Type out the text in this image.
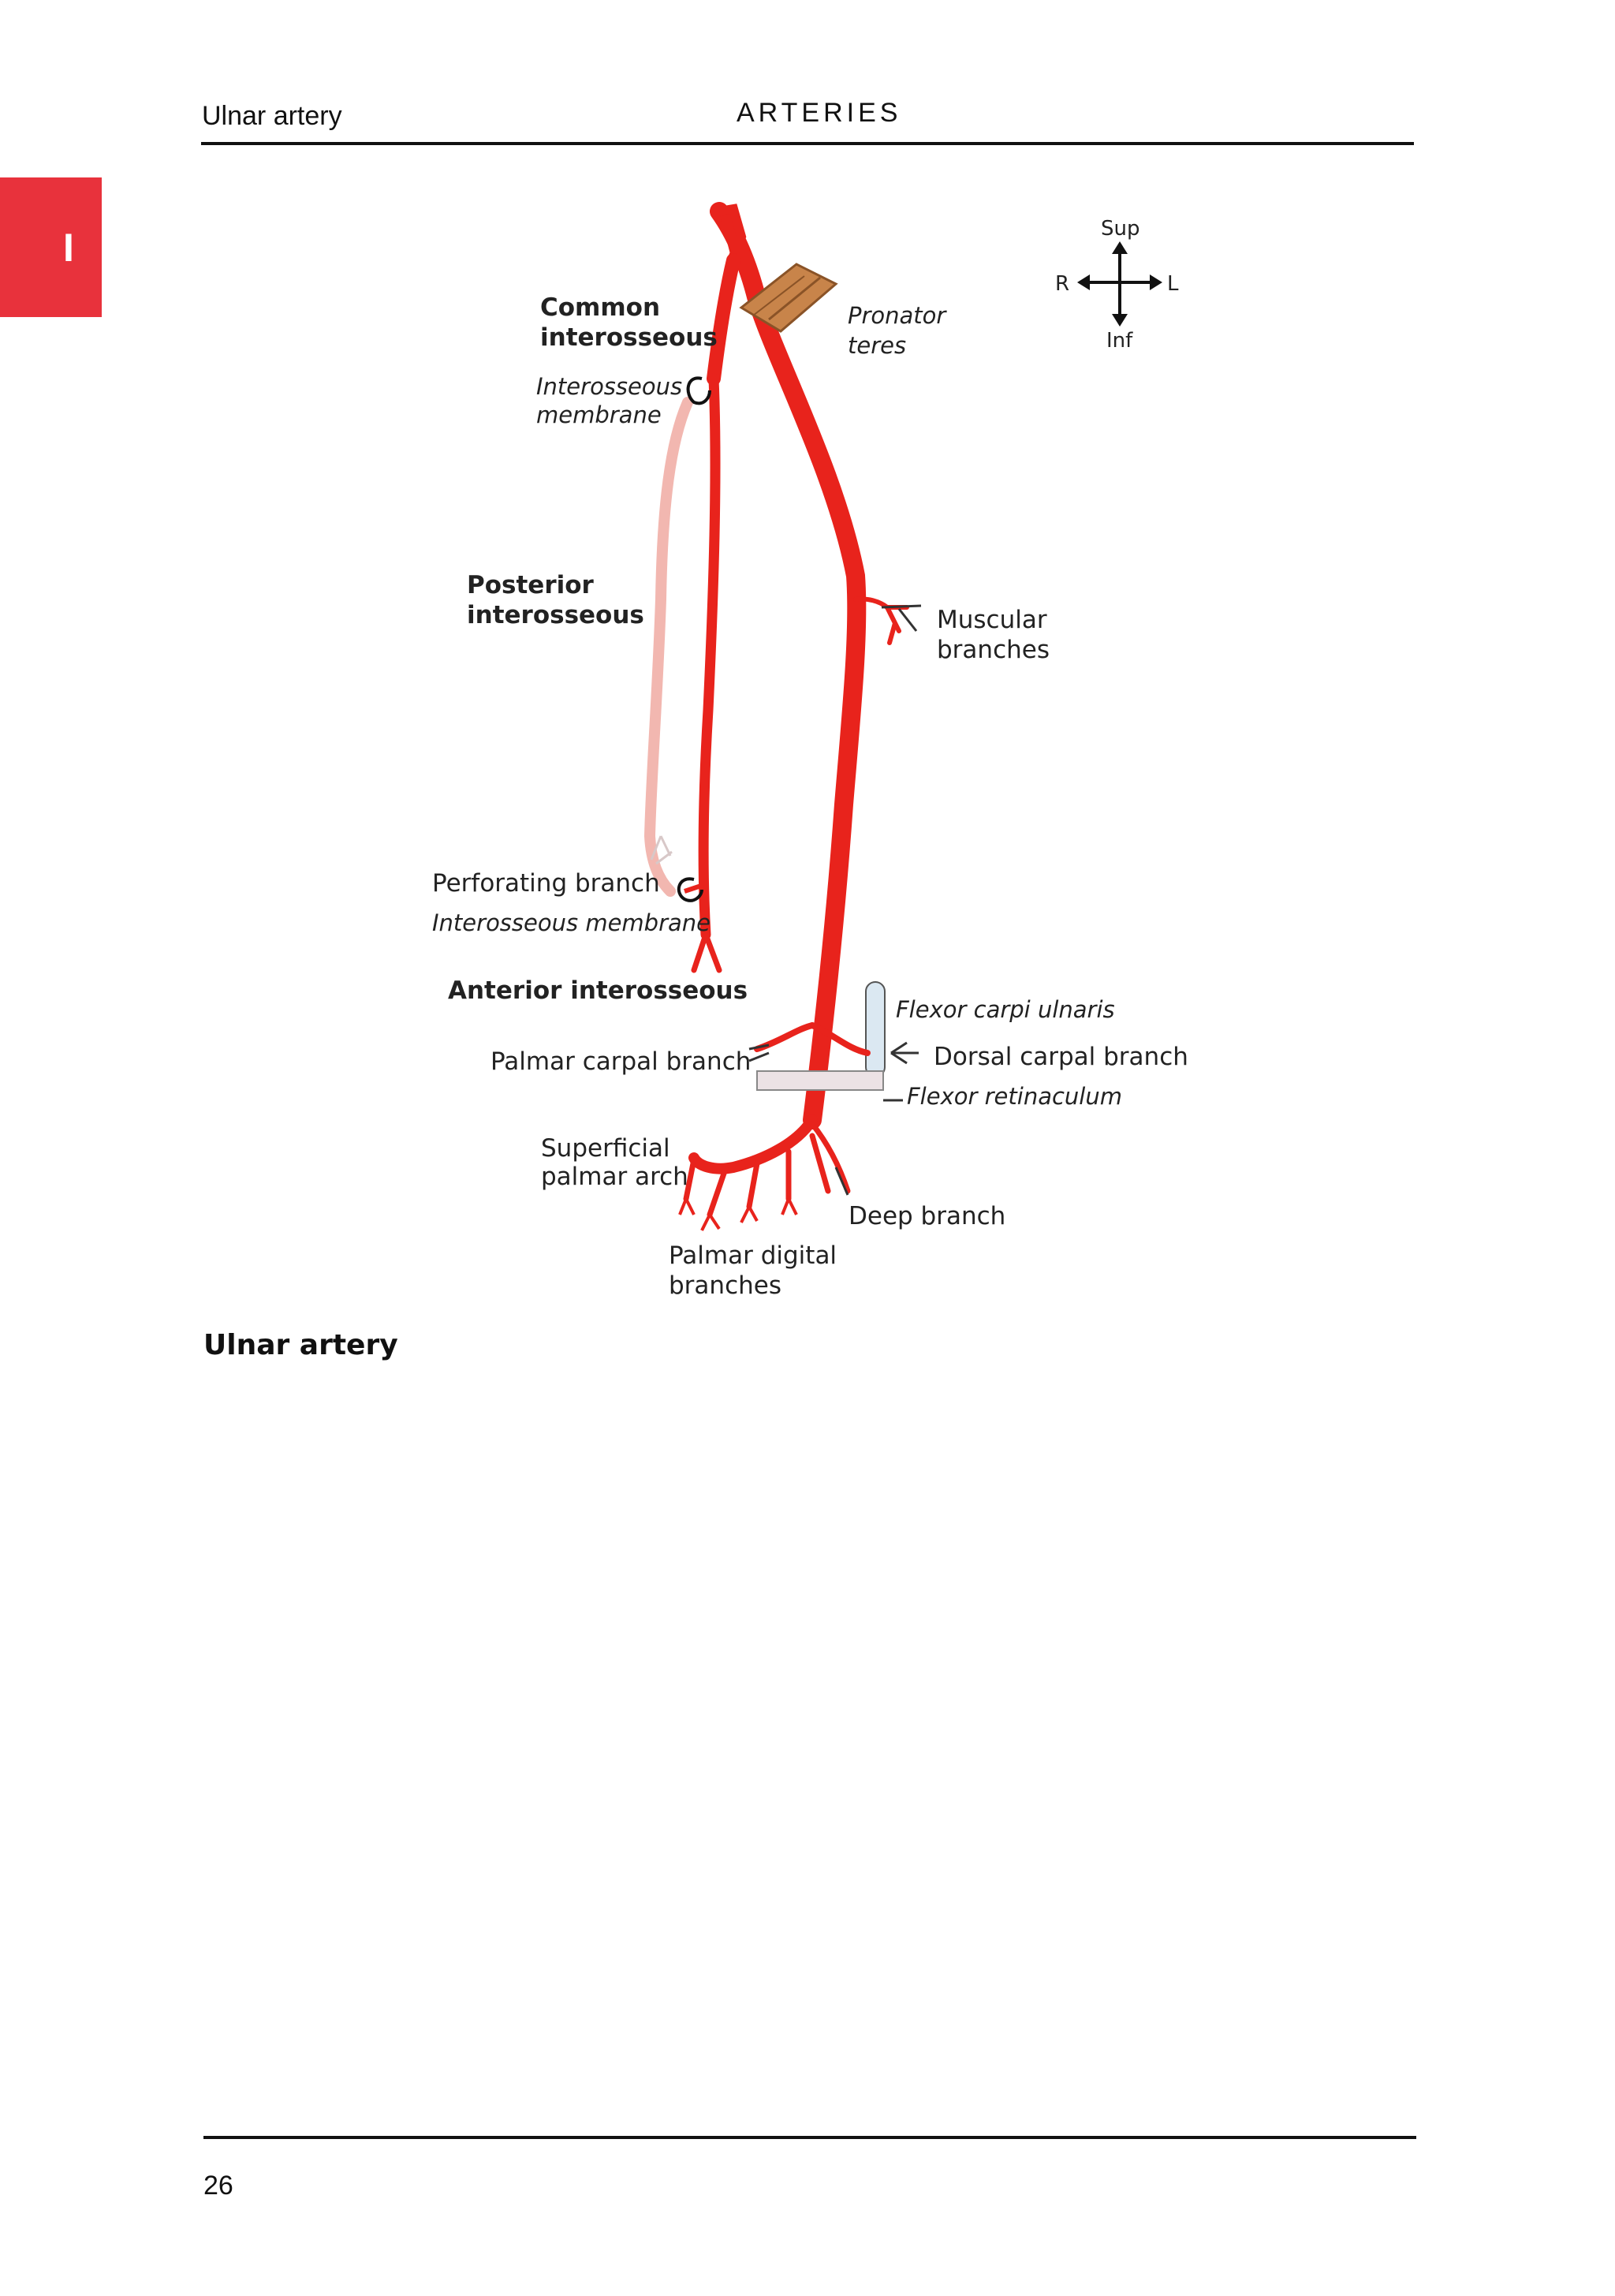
I
Ulnar artery	ARTERIES
Sup
Inf
R	L
Common
interosseous
Interosseous
membrane
Pronator
teres
Posterior
interosseous	Muscular
branches
Perforating branch
Interosseous membrane
Anterior interosseous
Flexor carpi ulnaris
Palmar carpal branch	Dorsal carpal branch
Flexor retinaculum
Superficial
palmar arch
Deep branch
Palmar digital
branches
Ulnar artery
26
